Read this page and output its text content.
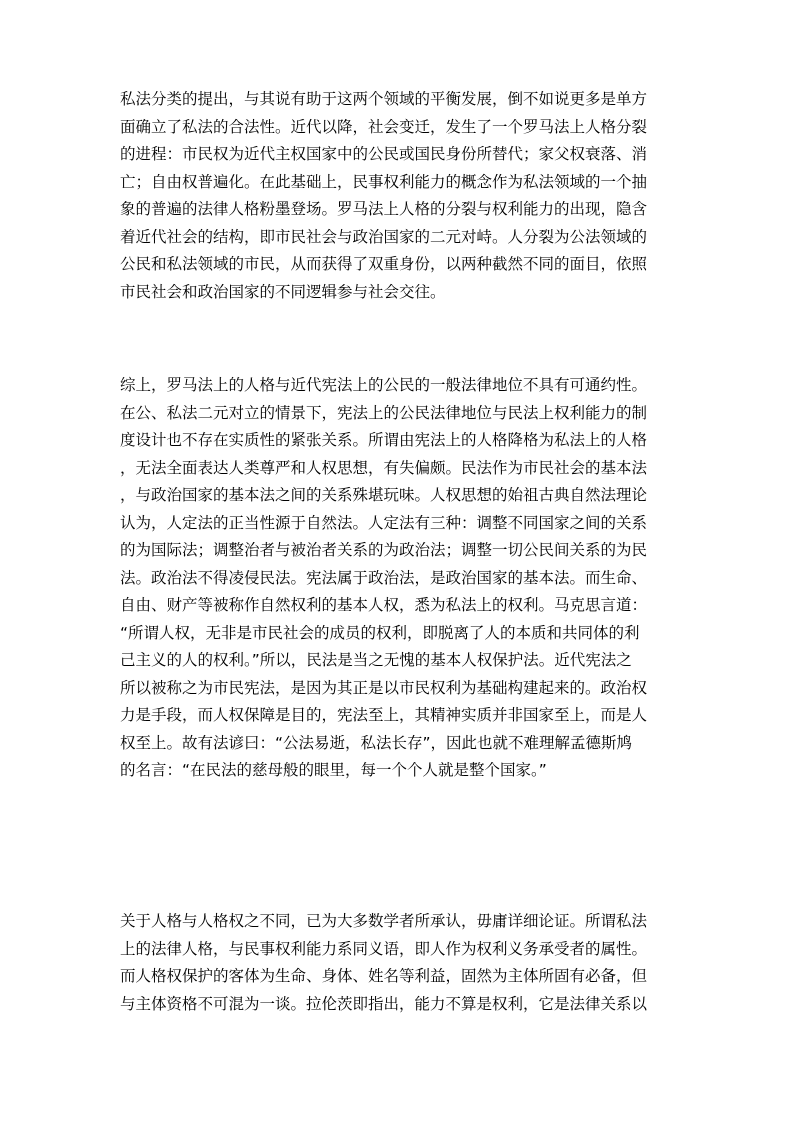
私法分类的提出，与其说有助于这两个领域的平衡发展，倒不如说更多是单方
面确立了私法的合法性。近代以降，社会变迁，发生了一个罗马法上人格分裂
的进程：市民权为近代主权国家中的公民或国民身份所替代；家父权衰落、消
亡；自由权普遍化。在此基础上，民事权利能力的概念作为私法领域的一个抽
象的普遍的法律人格粉墨登场。罗马法上人格的分裂与权利能力的出现，隐含
着近代社会的结构，即市民社会与政治国家的二元对峙。人分裂为公法领域的
公民和私法领域的市民，从而获得了双重身份，以两种截然不同的面目，依照
市民社会和政治国家的不同逻辑参与社会交往。
综上，罗马法上的人格与近代宪法上的公民的一般法律地位不具有可通约性。
在公、私法二元对立的情景下，宪法上的公民法律地位与民法上权利能力的制
度设计也不存在实质性的紧张关系。所谓由宪法上的人格降格为私法上的人格
，无法全面表达人类尊严和人权思想，有失偏颇。民法作为市民社会的基本法
，与政治国家的基本法之间的关系殊堪玩味。人权思想的始祖古典自然法理论
认为，人定法的正当性源于自然法。人定法有三种：调整不同国家之间的关系
的为国际法；调整治者与被治者关系的为政治法；调整一切公民间关系的为民
法。政治法不得凌侵民法。宪法属于政治法，是政治国家的基本法。而生命、
自由、财产等被称作自然权利的基本人权，悉为私法上的权利。马克思言道：
“所谓人权，无非是市民社会的成员的权利，即脱离了人的本质和共同体的利
己主义的人的权利。”所以，民法是当之无愧的基本人权保护法。近代宪法之
所以被称之为市民宪法，是因为其正是以市民权利为基础构建起来的。政治权
力是手段，而人权保障是目的，宪法至上，其精神实质并非国家至上，而是人
权至上。故有法谚曰：“公法易逝，私法长存”，因此也就不难理解孟德斯鸠
的名言：“在民法的慈母般的眼里，每一个个人就是整个国家。”
关于人格与人格权之不同，已为大多数学者所承认，毋庸详细论证。所谓私法
上的法律人格，与民事权利能力系同义语，即人作为权利义务承受者的属性。
而人格权保护的客体为生命、身体、姓名等利益，固然为主体所固有必备，但
与主体资格不可混为一谈。拉伦茨即指出，能力不算是权利，它是法律关系以
